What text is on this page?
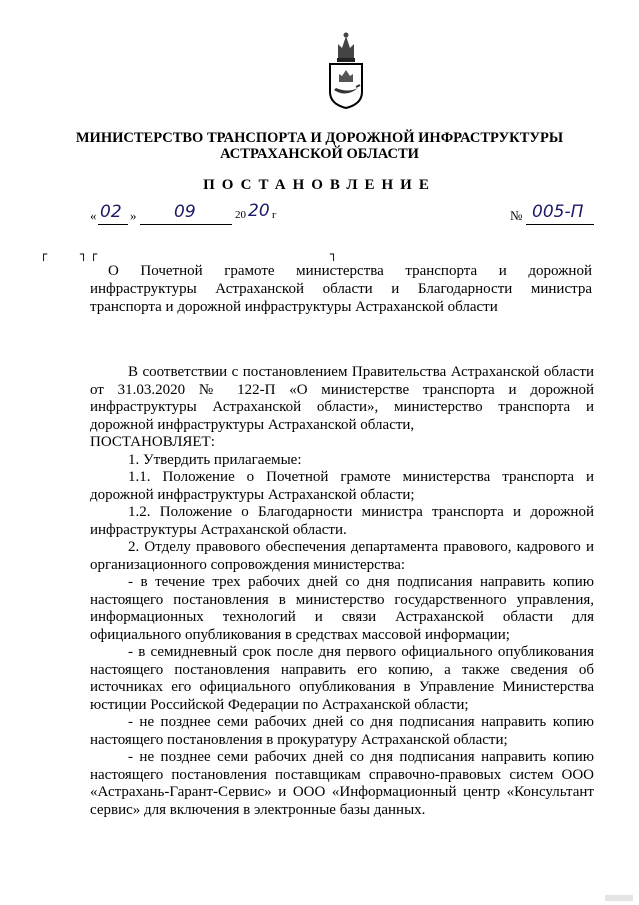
МИНИСТЕРСТВО ТРАНСПОРТА И ДОРОЖНОЙ ИНФРАСТРУКТУРЫ
АСТРАХАНСКОЙ ОБЛАСТИ
ПОСТАНОВЛЕНИЕ
« 02 » 09	20 20 г	№ 005-П
┌	┐ ┌	┐
О Почетной грамоте министерства транспорта и дорожной инфраструктуры Астраханской области и Благодарности министра транспорта и дорожной инфраструктуры Астраханской области

В соответствии с постановлением Правительства Астраханской области от 31.03.2020 № 122-П «О министерстве транспорта и дорожной инфраструктуры Астраханской области», министерство транспорта и дорожной инфраструктуры Астраханской области,

ПОСТАНОВЛЯЕТ:

1. Утвердить прилагаемые:

1.1. Положение о Почетной грамоте министерства транспорта и дорожной инфраструктуры Астраханской области;

1.2. Положение о Благодарности министра транспорта и дорожной инфраструктуры Астраханской области.

2. Отделу правового обеспечения департамента правового, кадрового и организационного сопровождения министерства:

- в течение трех рабочих дней со дня подписания направить копию настоящего постановления в министерство государственного управления, информационных технологий и связи Астраханской области для официального опубликования в средствах массовой информации;

- в семидневный срок после дня первого официального опубликования настоящего постановления направить его копию, а также сведения об источниках его официального опубликования в Управление Министерства юстиции Российской Федерации по Астраханской области;

- не позднее семи рабочих дней со дня подписания направить копию настоящего постановления в прокуратуру Астраханской области;

- не позднее семи рабочих дней со дня подписания направить копию настоящего постановления поставщикам справочно-правовых систем ООО «Астрахань-Гарант-Сервис» и ООО «Информационный центр «Консультант сервис» для включения в электронные базы данных.
